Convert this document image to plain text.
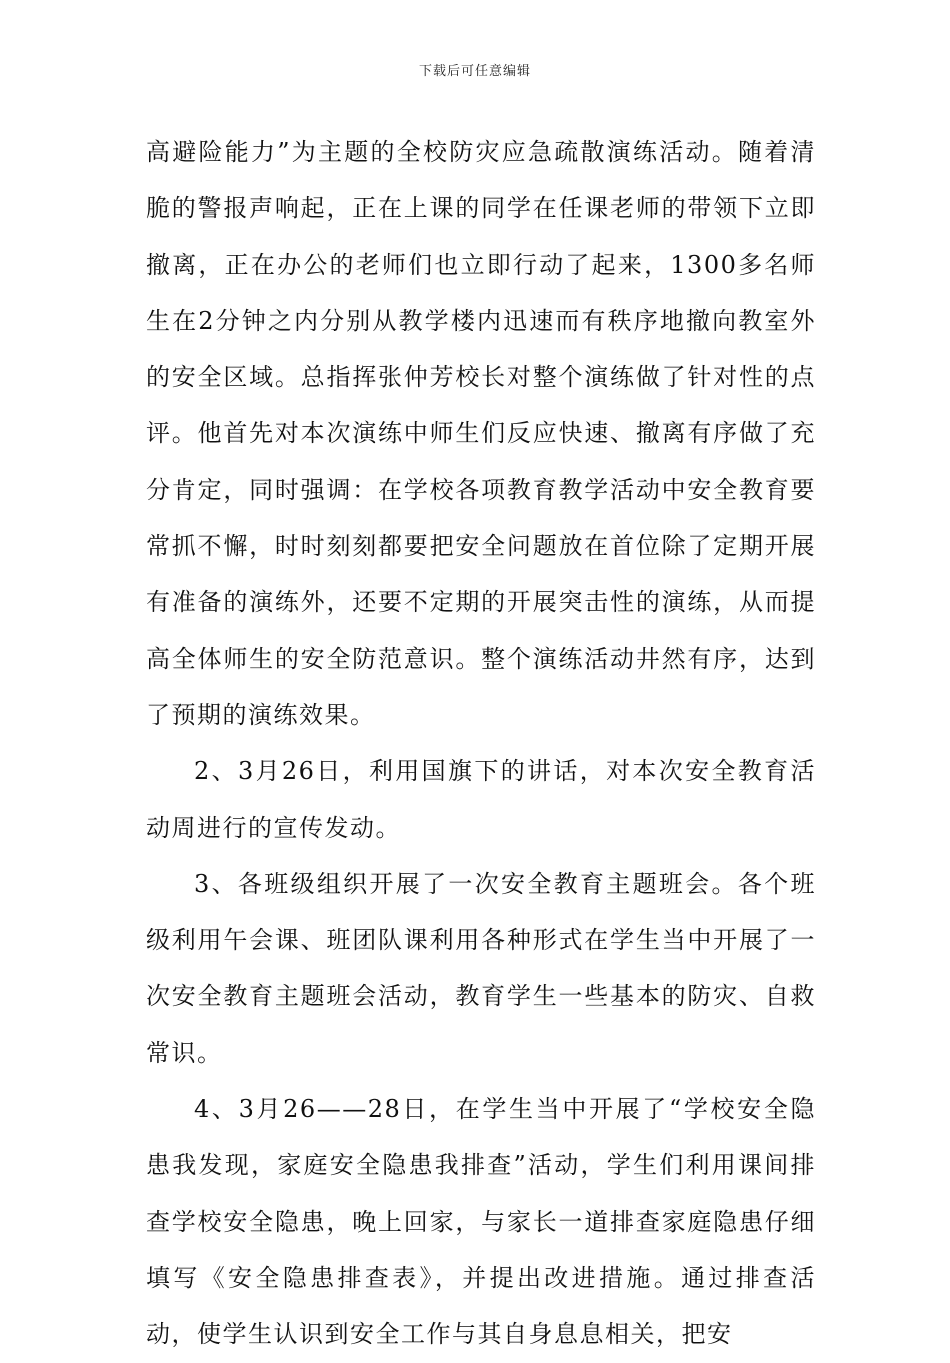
下载后可任意编辑

高避险能力”为主题的全校防灾应急疏散演练活动。随着清脆的警报声响起，正在上课的同学在任课老师的带领下立即撤离，正在办公的老师们也立即行动了起来，1300多名师生在2分钟之内分别从教学楼内迅速而有秩序地撤向教室外的安全区域。总指挥张仲芳校长对整个演练做了针对性的点评。他首先对本次演练中师生们反应快速、撤离有序做了充分肯定，同时强调：在学校各项教育教学活动中安全教育要常抓不懈，时时刻刻都要把安全问题放在首位除了定期开展有准备的演练外，还要不定期的开展突击性的演练，从而提高全体师生的安全防范意识。整个演练活动井然有序，达到了预期的演练效果。

2、3月26日，利用国旗下的讲话，对本次安全教育活动周进行的宣传发动。

3、各班级组织开展了一次安全教育主题班会。各个班级利用午会课、班团队课利用各种形式在学生当中开展了一次安全教育主题班会活动，教育学生一些基本的防灾、自救常识。

4、3月26——28日，在学生当中开展了“学校安全隐患我发现，家庭安全隐患我排查”活动，学生们利用课间排查学校安全隐患，晚上回家，与家长一道排查家庭隐患仔细填写《安全隐患排查表》，并提出改进措施。通过排查活动，使学生认识到安全工作与其自身息息相关，把安
